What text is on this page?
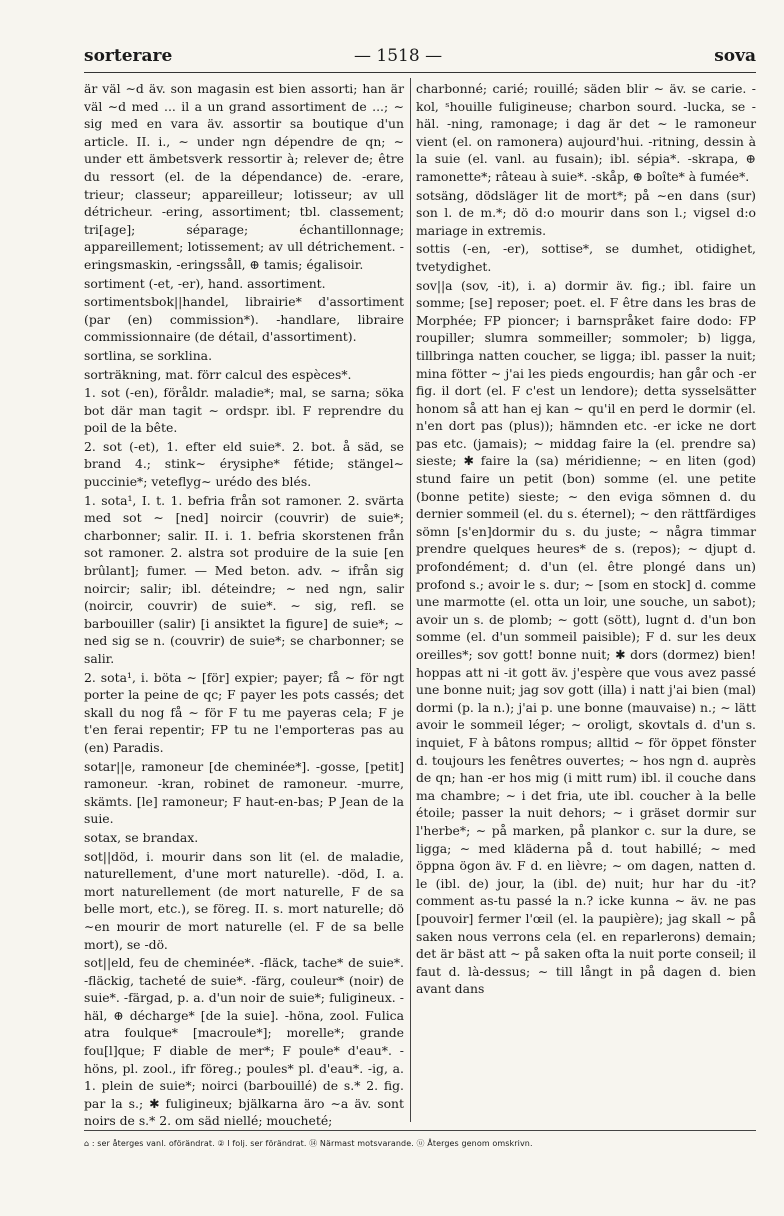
sorterare	— 1518 —	sova

är väl ∼d äv. son magasin est bien assorti; han är väl ∼d med ... il a un grand assortiment de ...; ∼ sig med en vara äv. assortir sa boutique d'un article. II. i., ∼ under ngn dépendre de qn; ∼ under ett ämbetsverk ressortir à; relever de; être du ressort (el. de la dépendance) de. -erare, trieur; classeur; appareilleur; lotisseur; av ull détricheur. -ering, assortiment; tbl. classement; tri[age]; séparage; échantillonnage; appareillement; lotissement; av ull détrichement. -eringsmaskin, -eringssåll, ⊕ tamis; égalisoir.

sortiment (-et, -er), hand. assortiment.

sortimentsbok||handel, librairie* d'assortiment (par (en) commission*). -handlare, libraire commissionnaire (de détail, d'assortiment).

sortlina, se sorklina.

sorträkning, mat. förr calcul des espèces*.

1. sot (-en), föråldr. maladie*; mal, se sarna; söka bot där man tagit ∼ ordspr. ibl. F reprendre du poil de la bête.

2. sot (-et), 1. efter eld suie*. 2. bot. å säd, se brand 4.; stink∼ érysiphe* fétide; stängel∼ puccinie*; veteflyg∼ urédo des blés.

1. sota¹, I. t. 1. befria från sot ramoner. 2. svärta med sot ∼ [ned] noircir (couvrir) de suie*; charbonner; salir. II. i. 1. befria skorstenen från sot ramoner. 2. alstra sot produire de la suie [en brûlant]; fumer. — Med beton. adv. ∼ ifrån sig noircir; salir; ibl. déteindre; ∼ ned ngn, salir (noircir, couvrir) de suie*. ∼ sig, refl. se barbouiller (salir) [i ansiktet la figure] de suie*; ∼ ned sig se n. (couvrir) de suie*; se charbonner; se salir.

2. sota¹, i. böta ∼ [för] expier; payer; få ∼ för ngt porter la peine de qc; F payer les pots cassés; det skall du nog få ∼ för F tu me payeras cela; F je t'en ferai repentir; FP tu ne l'emporteras pas au (en) Paradis.

sotar||e, ramoneur [de cheminée*]. -gosse, [petit] ramoneur. -kran, robinet de ramoneur. -murre, skämts. [le] ramoneur; F haut-en-bas; P Jean de la suie.

sotax, se brandax.

sot||död, i. mourir dans son lit (el. de maladie, naturellement, d'une mort naturelle). -död, I. a. mort naturellement (de mort naturelle, F de sa belle mort, etc.), se föreg. II. s. mort naturelle; dö ∼en mourir de mort naturelle (el. F de sa belle mort), se -dö.

sot||eld, feu de cheminée*. -fläck, tache* de suie*. -fläckig, tacheté de suie*. -färg, couleur* (noir) de suie*. -färgad, p. a. d'un noir de suie*; fuligineux. -häl, ⊕ décharge* [de la suie]. -höna, zool. Fulica atra foulque* [macroule*]; morelle*; grande fou[l]que; F diable de mer*; F poule* d'eau*. -höns, pl. zool., ifr föreg.; poules* pl. d'eau*. -ig, a. 1. plein de suie*; noirci (barbouillé) de s.* 2. fig. par la s.; ✱ fuligineux; bjälkarna äro ∼a äv. sont noirs de s.* 2. om säd niellé; moucheté;

charbonné; carié; rouillé; säden blir ∼ äv. se carie. -kol, ˢhouille fuligineuse; charbon sourd. -lucka, se -häl. -ning, ramonage; i dag är det ∼ le ramoneur vient (el. on ramonera) aujourd'hui. -ritning, dessin à la suie (el. vanl. au fusain); ibl. sépia*. -skrapa, ⊕ ramonette*; râteau à suie*. -skåp, ⊕ boîte* à fumée*.

sotsäng, dödsläger lit de mort*; på ∼en dans (sur) son l. de m.*; dö d:o mourir dans son l.; vigsel d:o mariage in extremis.

sottis (-en, -er), sottise*, se dumhet, otidighet, tvetydighet.

sov||a (sov, -it), i. a) dormir äv. fig.; ibl. faire un somme; [se] reposer; poet. el. F être dans les bras de Morphée; FP pioncer; i barnspråket faire dodo: FP roupiller; slumra sommeiller; sommoler; b) ligga, tillbringa natten coucher, se ligga; ibl. passer la nuit; mina fötter ∼ j'ai les pieds engourdis; han går och -er fig. il dort (el. F c'est un lendore); detta sysselsätter honom så att han ej kan ∼ qu'il en perd le dormir (el. n'en dort pas (plus)); hämnden etc. -er icke ne dort pas etc. (jamais); ∼ middag faire la (el. prendre sa) sieste; ✱ faire la (sa) méridienne; ∼ en liten (god) stund faire un petit (bon) somme (el. une petite (bonne petite) sieste; ∼ den eviga sömnen d. du dernier sommeil (el. du s. éternel); ∼ den rättfärdiges sömn [s'en]dormir du s. du juste; ∼ några timmar prendre quelques heures* de s. (repos); ∼ djupt d. profondément; d. d'un (el. être plongé dans un) profond s.; avoir le s. dur; ∼ [som en stock] d. comme une marmotte (el. otta un loir, une souche, un sabot); avoir un s. de plomb; ∼ gott (sött), lugnt d. d'un bon somme (el. d'un sommeil paisible); F d. sur les deux oreilles*; sov gott! bonne nuit; ✱ dors (dormez) bien! hoppas att ni -it gott äv. j'espère que vous avez passé une bonne nuit; jag sov gott (illa) i natt j'ai bien (mal) dormi (p. la n.); j'ai p. une bonne (mauvaise) n.; ∼ lätt avoir le sommeil léger; ∼ oroligt, skovtals d. d'un s. inquiet, F à bâtons rompus; alltid ∼ för öppet fönster d. toujours les fenêtres ouvertes; ∼ hos ngn d. auprès de qn; han -er hos mig (i mitt rum) ibl. il couche dans ma chambre; ∼ i det fria, ute ibl. coucher à la belle étoile; passer la nuit dehors; ∼ i gräset dormir sur l'herbe*; ∼ på marken, på plankor c. sur la dure, se ligga; ∼ med kläderna på d. tout habillé; ∼ med öppna ögon äv. F d. en lièvre; ∼ om dagen, natten d. le (ibl. de) jour, la (ibl. de) nuit; hur har du -it? comment as-tu passé la n.? icke kunna ∼ äv. ne pas [pouvoir] fermer l'œil (el. la paupière); jag skall ∼ på saken nous verrons cela (el. en reparlerons) demain; det är bäst att ∼ på saken ofta la nuit porte conseil; il faut d. là-dessus; ∼ till långt in på dagen d. bien avant dans

⌂ : ser återges vanl. oförändrat. ② I folj. ser förändrat. ⑭ Närmast motsvarande. ⓤ Återges genom omskrivn.
